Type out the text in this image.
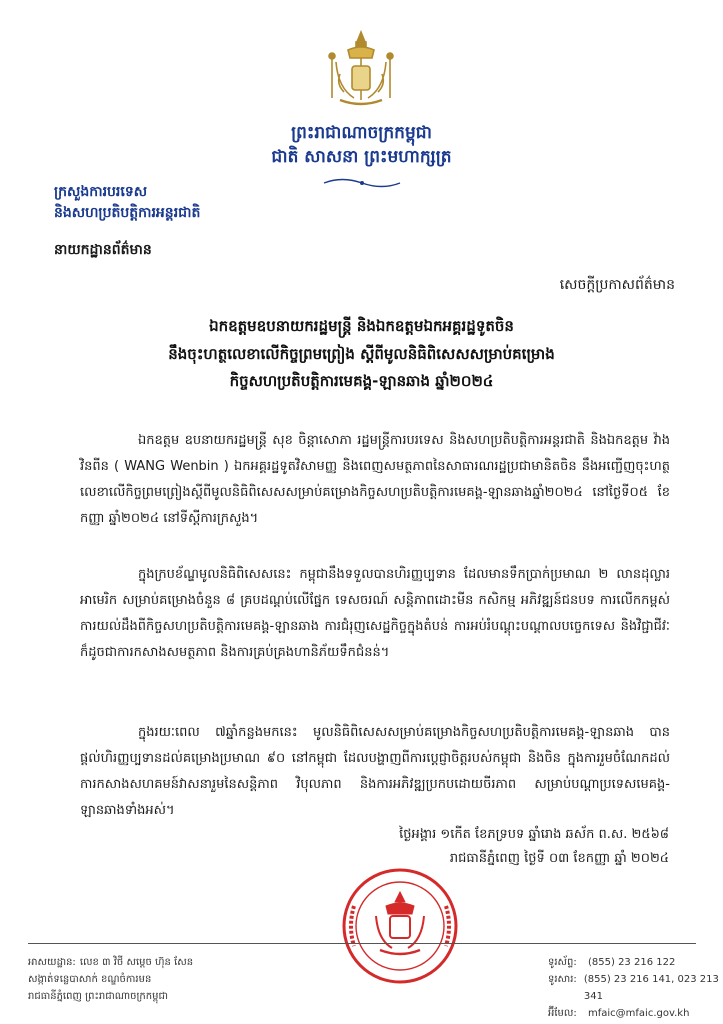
ព្រះរាជាណាចក្រកម្ពុជា
ជាតិ សាសនា ព្រះមហាក្សត្រ
ក្រសួងការបរទេស
និងសហប្រតិបត្តិការអន្តរជាតិ
នាយកដ្ឋានព័ត៌មាន
សេចក្តីប្រកាសព័ត៌មាន
ឯកឧត្តមឧបនាយករដ្ឋមន្ត្រី និងឯកឧត្តមឯកអគ្គរដ្ឋទូតចិន
នឹងចុះហត្ថលេខាលើកិច្ចព្រមព្រៀង ស្តីពីមូលនិធិពិសេសសម្រាប់គម្រោង
កិច្ចសហប្រតិបត្តិការមេគង្គ-ឡានឆាង ឆ្នាំ២០២៤
ឯកឧត្តម ឧបនាយករដ្ឋមន្ត្រី សុខ ចិន្តាសោភា រដ្ឋមន្ត្រីការបរទេស និងសហប្រតិបត្តិការអន្តរជាតិ និងឯកឧត្តម វ៉ាង វិនពីន ( WANG Wenbin ) ឯកអគ្គរដ្ឋទូតវិសាមញ្ញ និងពេញសមត្ថភាពនៃសាធារណរដ្ឋប្រជាមានិតចិន នឹងអញ្ជើញចុះហត្ថលេខាលើកិច្ចព្រមព្រៀងស្តីពីមូលនិធិពិសេសសម្រាប់គម្រោងកិច្ចសហប្រតិបត្តិការមេគង្គ-ឡានឆាងឆ្នាំ២០២៤ នៅថ្ងៃទី០៥ ខែកញ្ញា ឆ្នាំ២០២៤ នៅទីស្តីការក្រសួង។
ក្នុងក្របខ័ណ្ឌមូលនិធិពិសេសនេះ កម្ពុជានឹងទទួលបានហិរញ្ញប្បទាន ដែលមានទឹកប្រាក់ប្រមាណ ២ លានដុល្លារអាមេរិក សម្រាប់គម្រោងចំនួន ៨ គ្រប​ដណ្តប់លើផ្នែក ទេសចរណ៍ សន្តិភាព​ដោះមីន កសិកម្ម អភិវឌ្ឍន៍ជនបទ ការលើកកម្ពស់ការយល់ដឹងពីកិច្ចសហប្រតិបត្តិការមេគង្គ-ឡានឆាង ការជំរុញសេដ្ឋកិច្ចក្នុងតំបន់ ការអប់រំបណ្តុះបណ្តាលបច្ចេកទេស និងវិជ្ជាជីវៈ ក៏ដូចជាការកសាងសមត្ថភាព និងការគ្រប់គ្រងហានិភ័យទឹកជំនន់។
ក្នុងរយៈពេល ៧ឆ្នាំកន្លងមកនេះ មូលនិធិពិសេសសម្រាប់គម្រោងកិច្ចសហប្រតិបត្តិការមេគង្គ-ឡានឆាង បានផ្តល់ហិរញ្ញប្បទានដល់គម្រោងប្រមាណ ៩០ នៅកម្ពុជា ដែលបង្ហាញពីការប្តេជ្ញាចិត្តរបស់កម្ពុជា និងចិន ក្នុងការរួមចំណែកដល់ការកសាងសហគមន៍វាសនារួមនៃសន្តិភាព វិបុលភាព និងការអភិវឌ្ឍប្រកបដោយចីរភាព សម្រាប់បណ្តាប្រទេសមេគង្គ-ឡានឆាងទាំងអស់។
ថ្ងៃអង្គារ ១កើត ខែភទ្របទ ឆ្នាំរោង ឆស័ក ព.ស. ២៥៦៨
រាជធានីភ្នំពេញ ថ្ងៃទី ០៣ ខែកញ្ញា ឆ្នាំ ២០២៤
អាសយដ្ឋាន: លេខ ៣ វិថី សម្តេច ហ៊ុន សែន
សង្កាត់ទន្លេបាសាក់ ខណ្ឌចំការមន
រាជធានីភ្នំពេញ ព្រះរាជាណាចក្រកម្ពុជា
ទូរស័ព្ទ:	(855) 23 216 122
ទូរសារ: (855) 23 216 141, 023 213 341
អ៊ីមែល:	mfaic@mfaic.gov.kh
